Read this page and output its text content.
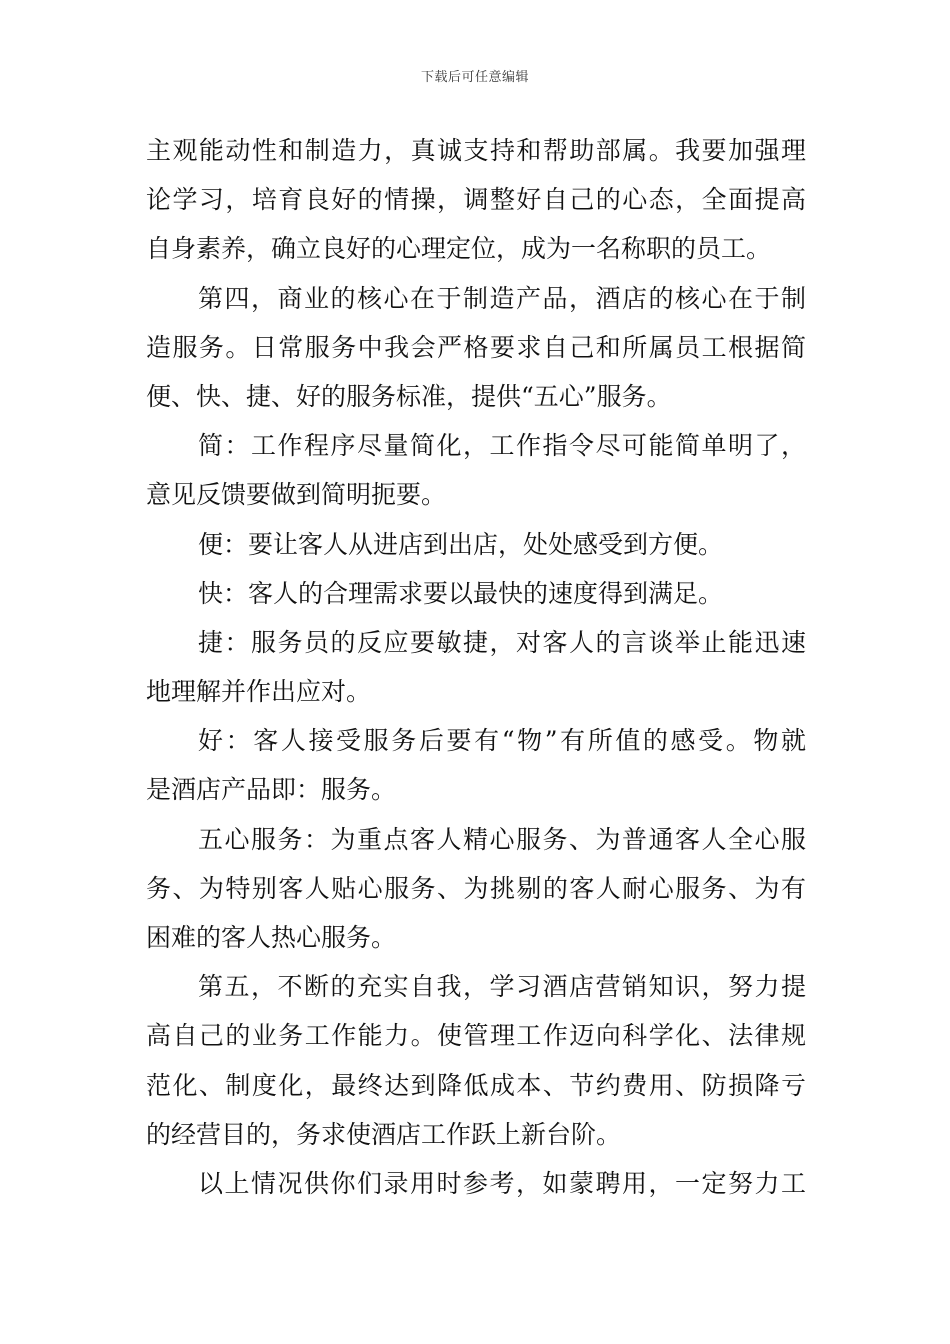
下载后可任意编辑
主观能动性和制造力，真诚支持和帮助部属。我要加强理
论学习，培育良好的情操，调整好自己的心态，全面提高
自身素养，确立良好的心理定位，成为一名称职的员工。
第四，商业的核心在于制造产品，酒店的核心在于制
造服务。日常服务中我会严格要求自己和所属员工根据简
便、快、捷、好的服务标准，提供“五心”服务。
简：工作程序尽量简化，工作指令尽可能简单明了，
意见反馈要做到简明扼要。
便：要让客人从进店到出店，处处感受到方便。
快：客人的合理需求要以最快的速度得到满足。
捷：服务员的反应要敏捷，对客人的言谈举止能迅速
地理解并作出应对。
好：客人接受服务后要有“物”有所值的感受。物就
是酒店产品即：服务。
五心服务：为重点客人精心服务、为普通客人全心服
务、为特别客人贴心服务、为挑剔的客人耐心服务、为有
困难的客人热心服务。
第五，不断的充实自我，学习酒店营销知识，努力提
高自己的业务工作能力。使管理工作迈向科学化、法律规
范化、制度化，最终达到降低成本、节约费用、防损降亏
的经营目的，务求使酒店工作跃上新台阶。
以上情况供你们录用时参考，如蒙聘用，一定努力工
